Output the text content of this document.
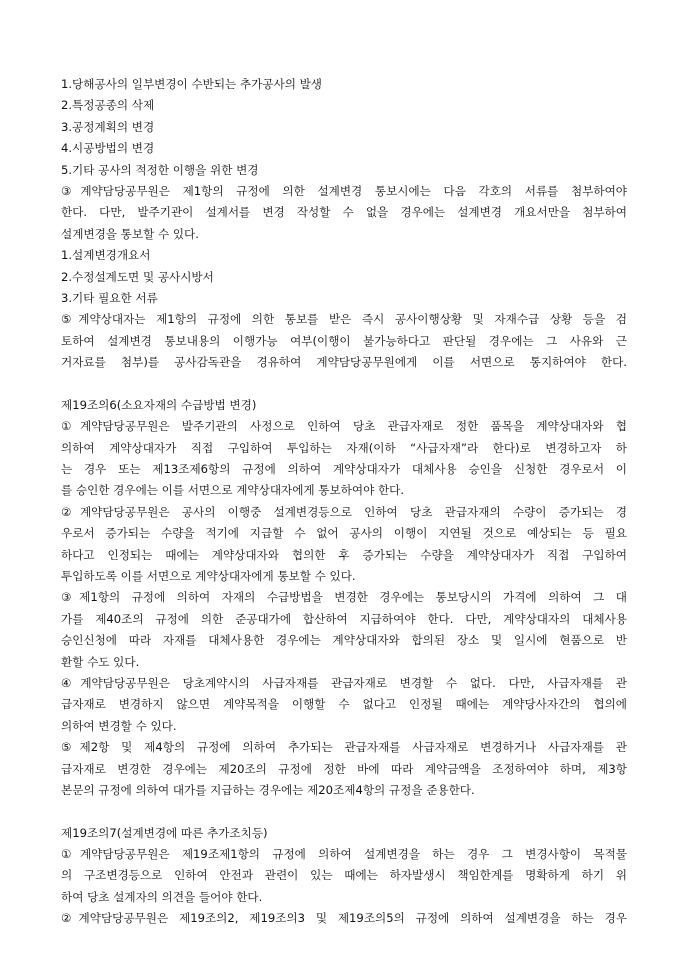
1.당해공사의 일부변경이 수반되는 추가공사의 발생
2.특정공종의 삭제
3.공정계획의 변경
4.시공방법의 변경
5.기타 공사의 적정한 이행을 위한 변경
③계약담당공무원은 제1항의 규정에 의한 설계변경 통보시에는 다음 각호의 서류를 첨부하여야
한다. 다만, 발주기관이 설계서를 변경 작성할 수 없을 경우에는 설계변경 개요서만을 첨부하여
설계변경을 통보할 수 있다.
1.설계변경개요서
2.수정설계도면 및 공사시방서
3.기타 필요한 서류
⑤계약상대자는 제1항의 규정에 의한 통보를 받은 즉시 공사이행상황 및 자재수급 상황 등을 검
토하여 설계변경 통보내용의 이행가능 여부(이행이 불가능하다고 판단될 경우에는 그 사유와 근
거자료를 첨부)를 공사감독관을 경유하여 계약담당공무원에게 이를 서면으로 통지하여야 한다.
제19조의6(소요자재의 수급방법 변경)
①계약담당공무원은 발주기관의 사정으로 인하여 당초 관급자재로 정한 품목을 계약상대자와 협
의하여 계약상대자가 직접 구입하여 투입하는 자재(이하 “사급자재”라 한다)로 변경하고자 하
는 경우 또는 제13조제6항의 규정에 의하여 계약상대자가 대체사용 승인을 신청한 경우로서 이
를 승인한 경우에는 이를 서면으로 계약상대자에게 통보하여야 한다.
②계약담당공무원은 공사의 이행중 설계변경등으로 인하여 당초 관급자재의 수량이 증가되는 경
우로서 증가되는 수량을 적기에 지급할 수 없어 공사의 이행이 지연될 것으로 예상되는 등 필요
하다고 인정되는 때에는 계약상대자와 협의한 후 증가되는 수량을 계약상대자가 직접 구입하여
투입하도록 이를 서면으로 계약상대자에게 통보할 수 있다.
③제1항의 규정에 의하여 자재의 수급방법을 변경한 경우에는 통보당시의 가격에 의하여 그 대
가를 제40조의 규정에 의한 준공대가에 합산하여 지급하여야 한다. 다만, 계약상대자의 대체사용
승인신청에 따라 자재를 대체사용한 경우에는 계약상대자와 합의된 장소 및 일시에 현품으로 반
환할 수도 있다.
④계약담당공무원은 당초계약시의 사급자재를 관급자재로 변경할 수 없다. 다만, 사급자재를 관
급자재로 변경하지 않으면 계약목적을 이행할 수 없다고 인정될 때에는 계약당사자간의 협의에
의하여 변경할 수 있다.
⑤제2항 및 제4항의 규정에 의하여 추가되는 관급자재를 사급자재로 변경하거나 사급자재를 관
급자재로 변경한 경우에는 제20조의 규정에 정한 바에 따라 계약금액을 조정하여야 하며, 제3항
본문의 규정에 의하여 대가를 지급하는 경우에는 제20조제4항의 규정을 준용한다.
제19조의7(설계변경에 따른 추가조치등)
①계약담당공무원은 제19조제1항의 규정에 의하여 설계변경을 하는 경우 그 변경사항이 목적물
의 구조변경등으로 인하여 안전과 관련이 있는 때에는 하자발생시 책임한계를 명확하게 하기 위
하여 당초 설계자의 의견을 들어야 한다.
②계약담당공무원은 제19조의2, 제19조의3 및 제19조의5의 규정에 의하여 설계변경을 하는 경우
